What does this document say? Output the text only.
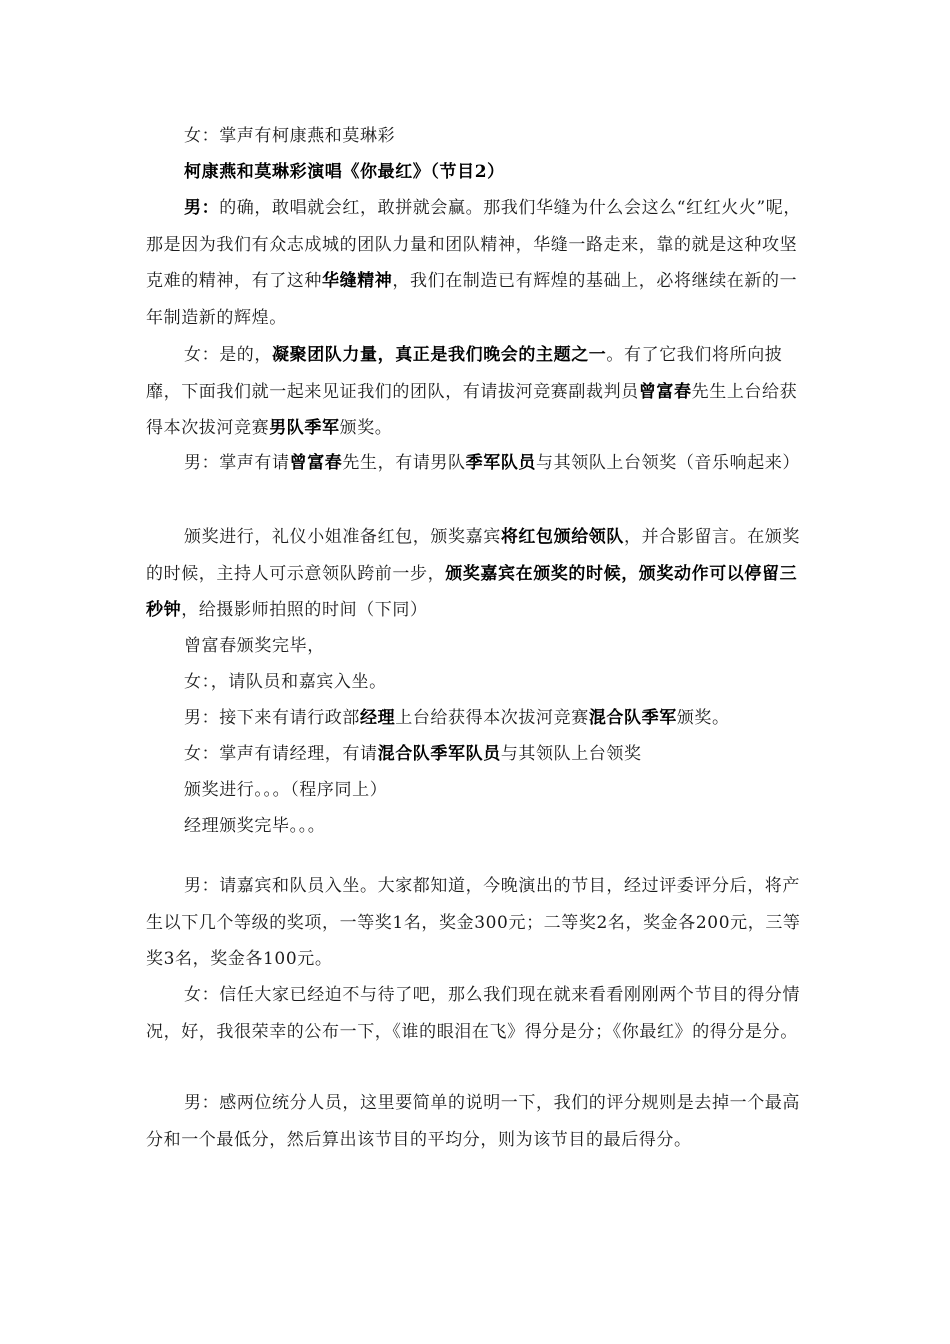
女：掌声有柯康燕和莫琳彩

柯康燕和莫琳彩演唱《你最红》（节目2）

男：的确，敢唱就会红，敢拼就会赢。那我们华缝为什么会这么“红红火火”呢，那是因为我们有众志成城的团队力量和团队精神，华缝一路走来，靠的就是这种攻坚克难的精神，有了这种华缝精神，我们在制造已有辉煌的基础上，必将继续在新的一年制造新的辉煌。

女：是的，凝聚团队力量，真正是我们晚会的主题之一。有了它我们将所向披靡，下面我们就一起来见证我们的团队，有请拔河竞赛副裁判员曾富春先生上台给获得本次拔河竞赛男队季军颁奖。

男：掌声有请曾富春先生，有请男队季军队员与其领队上台领奖（音乐响起来）

颁奖进行，礼仪小姐准备红包，颁奖嘉宾将红包颁给领队，并合影留言。在颁奖的时候，主持人可示意领队跨前一步，颁奖嘉宾在颁奖的时候，颁奖动作可以停留三秒钟，给摄影师拍照的时间（下同）

曾富春颁奖完毕，

女：，请队员和嘉宾入坐。

男：接下来有请行政部经理上台给获得本次拔河竞赛混合队季军颁奖。

女：掌声有请经理，有请混合队季军队员与其领队上台领奖

颁奖进行。。。（程序同上）

经理颁奖完毕。。。

男：请嘉宾和队员入坐。大家都知道，今晚演出的节目，经过评委评分后，将产生以下几个等级的奖项，一等奖1名，奖金300元；二等奖2名，奖金各200元，三等奖3名，奖金各100元。

女：信任大家已经迫不与待了吧，那么我们现在就来看看刚刚两个节目的得分情况，好，我很荣幸的公布一下，《谁的眼泪在飞》得分是分；《你最红》的得分是分。

男：感两位统分人员，这里要简单的说明一下，我们的评分规则是去掉一个最高分和一个最低分，然后算出该节目的平均分，则为该节目的最后得分。
